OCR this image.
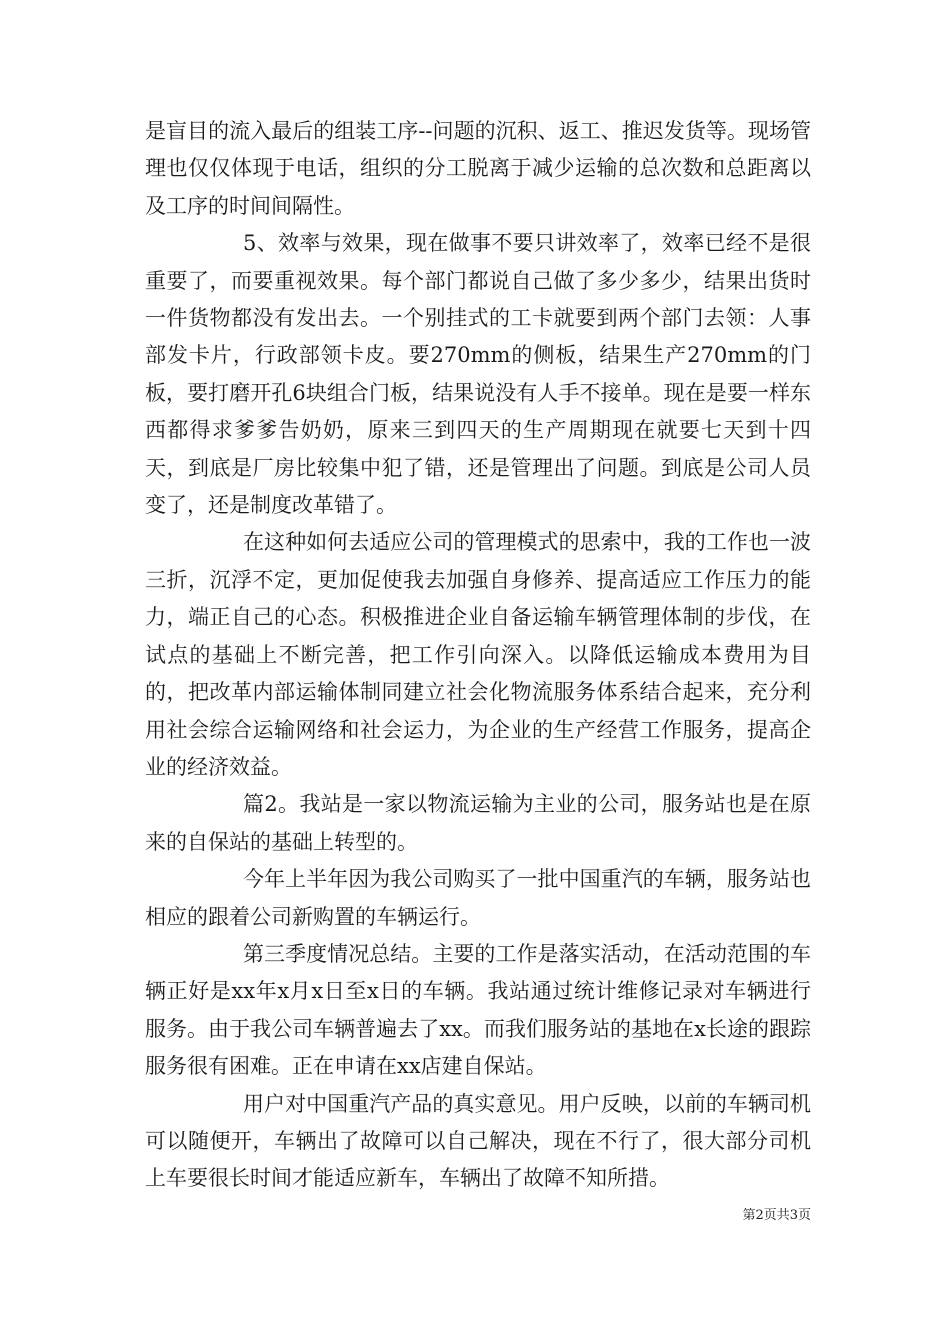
是盲目的流入最后的组装工序--问题的沉积、返工、推迟发货等。现场管理也仅仅体现于电话，组织的分工脱离于减少运输的总次数和总距离以及工序的时间间隔性。

5、效率与效果，现在做事不要只讲效率了，效率已经不是很重要了，而要重视效果。每个部门都说自己做了多少多少，结果出货时一件货物都没有发出去。一个别挂式的工卡就要到两个部门去领：人事部发卡片，行政部领卡皮。要270mm的侧板，结果生产270mm的门板，要打磨开孔6块组合门板，结果说没有人手不接单。现在是要一样东西都得求爹爹告奶奶，原来三到四天的生产周期现在就要七天到十四天，到底是厂房比较集中犯了错，还是管理出了问题。到底是公司人员变了，还是制度改革错了。

在这种如何去适应公司的管理模式的思索中，我的工作也一波三折，沉浮不定，更加促使我去加强自身修养、提高适应工作压力的能力，端正自己的心态。积极推进企业自备运输车辆管理体制的步伐，在试点的基础上不断完善，把工作引向深入。以降低运输成本费用为目的，把改革内部运输体制同建立社会化物流服务体系结合起来，充分利用社会综合运输网络和社会运力，为企业的生产经营工作服务，提高企业的经济效益。

篇2。我站是一家以物流运输为主业的公司，服务站也是在原来的自保站的基础上转型的。

今年上半年因为我公司购买了一批中国重汽的车辆，服务站也相应的跟着公司新购置的车辆运行。

第三季度情况总结。主要的工作是落实活动，在活动范围的车辆正好是xx年x月x日至x日的车辆。我站通过统计维修记录对车辆进行服务。由于我公司车辆普遍去了xx。而我们服务站的基地在x长途的跟踪服务很有困难。正在申请在xx店建自保站。

用户对中国重汽产品的真实意见。用户反映，以前的车辆司机可以随便开，车辆出了故障可以自己解决，现在不行了，很大部分司机上车要很长时间才能适应新车，车辆出了故障不知所措。

第2页共3页
